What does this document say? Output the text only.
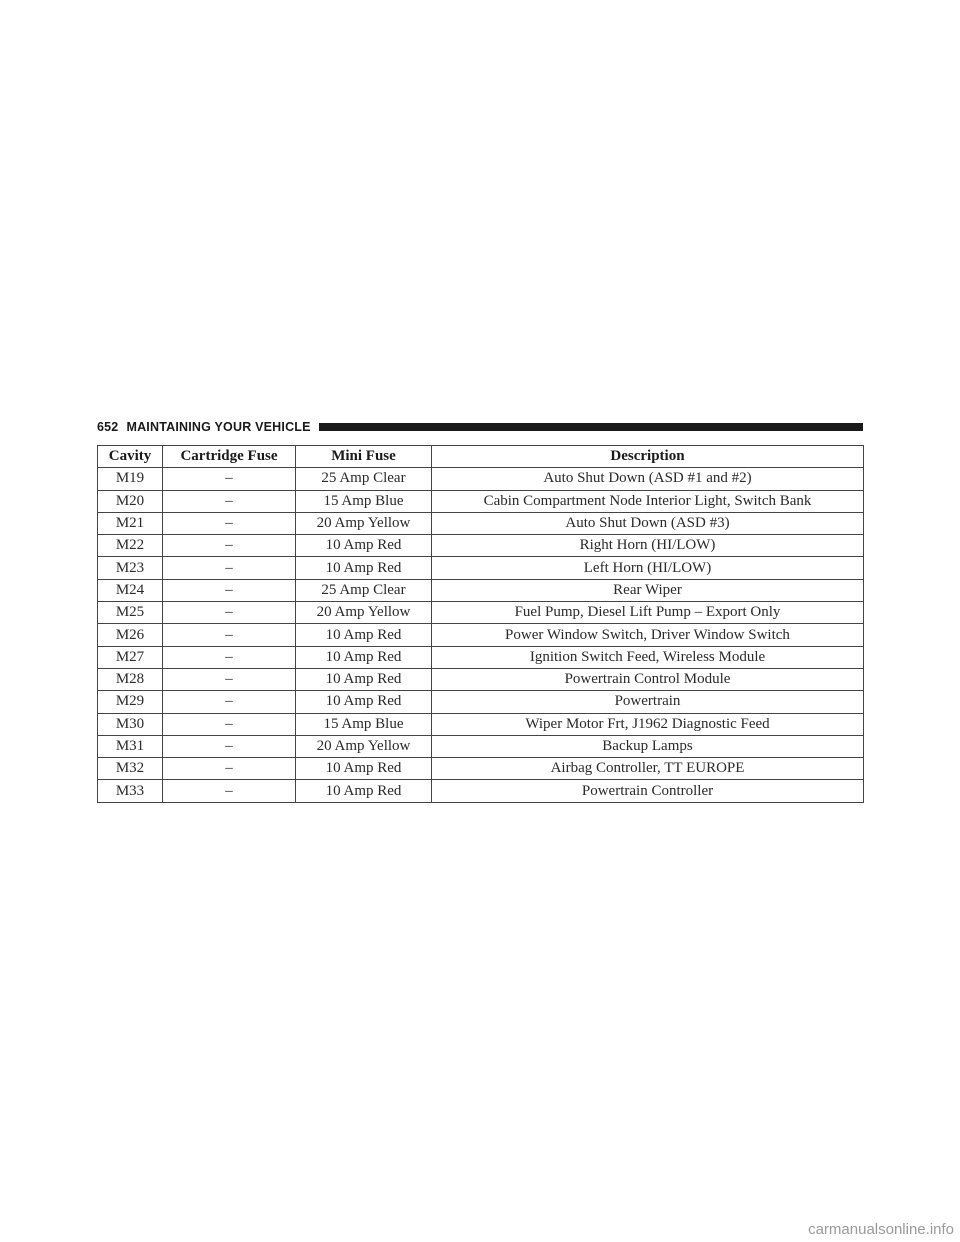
652 MAINTAINING YOUR VEHICLE
Cavity	Cartridge Fuse	Mini Fuse	Description
M19	–	25 Amp Clear	Auto Shut Down (ASD #1 and #2)
M20	–	15 Amp Blue	Cabin Compartment Node Interior Light, Switch Bank
M21	–	20 Amp Yellow	Auto Shut Down (ASD #3)
M22	–	10 Amp Red	Right Horn (HI/LOW)
M23	–	10 Amp Red	Left Horn (HI/LOW)
M24	–	25 Amp Clear	Rear Wiper
M25	–	20 Amp Yellow	Fuel Pump, Diesel Lift Pump – Export Only
M26	–	10 Amp Red	Power Window Switch, Driver Window Switch
M27	–	10 Amp Red	Ignition Switch Feed, Wireless Module
M28	–	10 Amp Red	Powertrain Control Module
M29	–	10 Amp Red	Powertrain
M30	–	15 Amp Blue	Wiper Motor Frt, J1962 Diagnostic Feed
M31	–	20 Amp Yellow	Backup Lamps
M32	–	10 Amp Red	Airbag Controller, TT EUROPE
M33	–	10 Amp Red	Powertrain Controller
carmanualsonline.info
